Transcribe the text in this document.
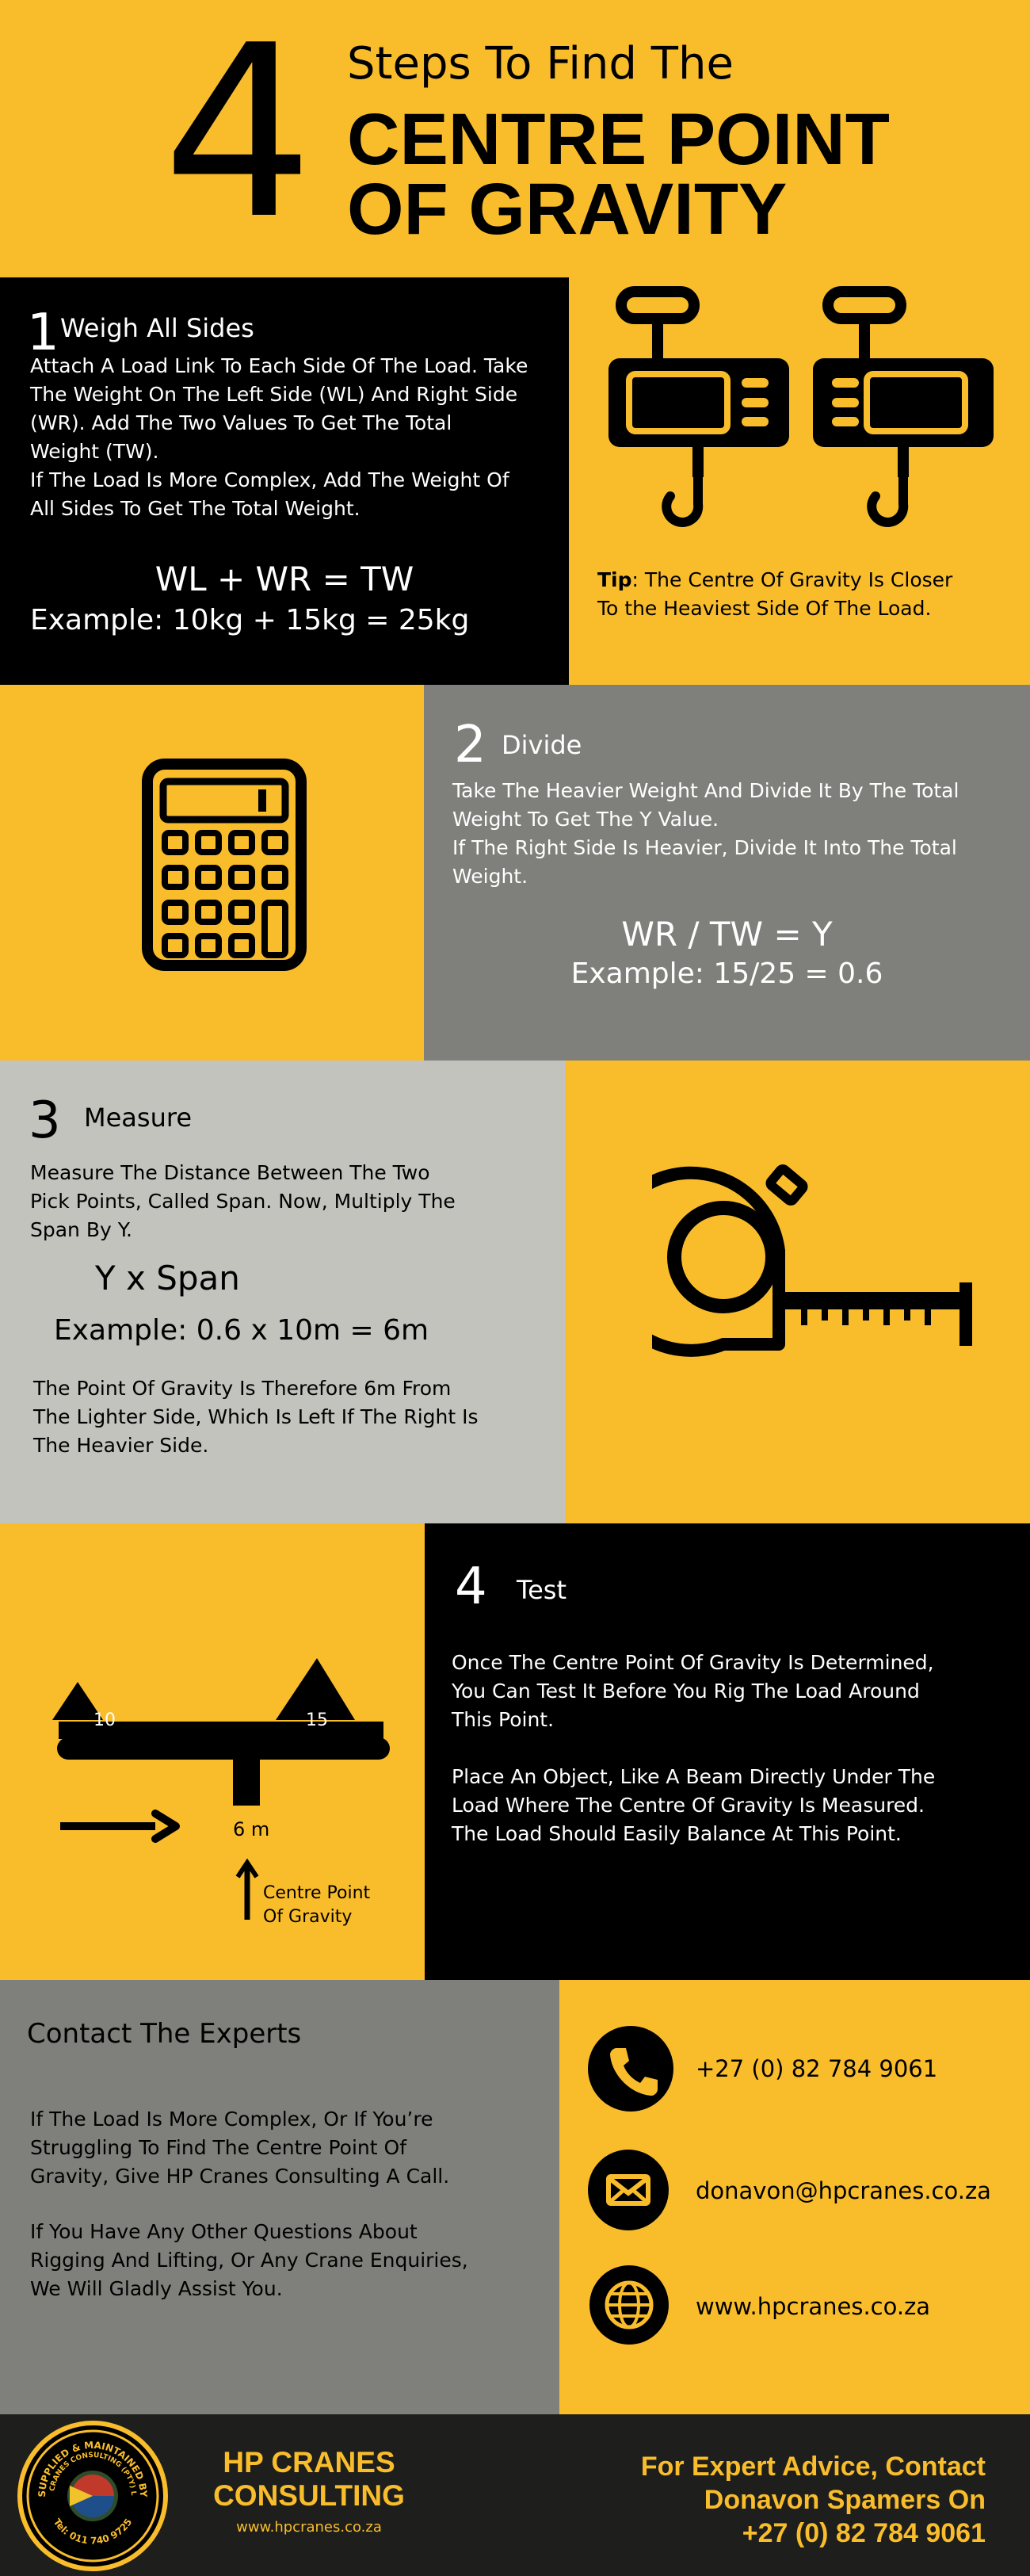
4 Steps To Find The
CENTRE POINT
OF GRAVITY
1 Weigh All Sides
Attach A Load Link To Each Side Of The Load. Take
The Weight On The Left Side (WL) And Right Side
(WR). Add The Two Values To Get The Total
Weight (TW).
If The Load Is More Complex, Add The Weight Of
All Sides To Get The Total Weight.
WL + WR = TW
Example: 10kg + 15kg = 25kg
Tip: The Centre Of Gravity Is Closer
To the Heaviest Side Of The Load.
2 Divide
Take The Heavier Weight And Divide It By The Total
Weight To Get The Y Value.
If The Right Side Is Heavier, Divide It Into The Total
Weight.
WR / TW = Y
Example: 15/25 = 0.6
3 Measure
Measure The Distance Between The Two
Pick Points, Called Span. Now, Multiply The
Span By Y.
Y x Span
Example: 0.6 x 10m = 6m
The Point Of Gravity Is Therefore 6m From
The Lighter Side, Which Is Left If The Right Is
The Heavier Side.
10	15
6 m
Centre Point
Of Gravity
4 Test
Once The Centre Point Of Gravity Is Determined,
You Can Test It Before You Rig The Load Around
This Point.
Place An Object, Like A Beam Directly Under The
Load Where The Centre Of Gravity Is Measured.
The Load Should Easily Balance At This Point.
Contact The Experts
If The Load Is More Complex, Or If You’re
Struggling To Find The Centre Point Of
Gravity, Give HP Cranes Consulting A Call.
If You Have Any Other Questions About
Rigging And Lifting, Or Any Crane Enquiries,
We Will Gladly Assist You.
+27 (0) 82 784 9061
donavon@hpcranes.co.za
www.hpcranes.co.za
SUPPLIED & MAINTAINED BY
CRANES CONSULTING (PTY) L
Tel: 011 740 9725
HP CRANES
CONSULTING
www.hpcranes.co.za
For Expert Advice, Contact
Donavon Spamers On
+27 (0) 82 784 9061
